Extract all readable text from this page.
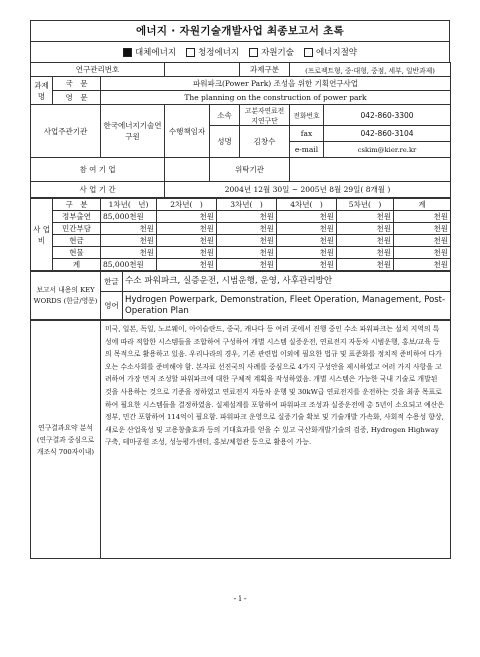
에너지 · 자원기술개발사업 최종보고서 초록
대체에너지	청정에너지	자원기술	에너지절약
연구관리번호					과제구분	(프로젝트형, 중·대형, 중점, 세부, 일반과제)	
과제명	국　문	파워파크(Power Park) 조성을 위한 기획연구사업					
	영　문	The planning on the construction of power park					
사업주관기관		한국에너지기술연구원	수행책임자	소속	고분자연료전지연구단	전화번호	042-860-3300
				성명	김창수	fax	042-860-3104
						e-mail	cskim@kier.re.kr
참 여 기 업				위탁기관			
사 업 기 간			2004년 12월 30일 ~ 2005년 8월 29일( 8개월 )				
사 업 비	구　분	1차년(　년)	2차년(　)	3차년(　)	4차년(　)	5차년(　)	계
	정부출연	85,000천원	천원	천원	천원	천원	천원
	민간부담	천원	천원	천원	천원	천원	천원
	현금	천원	천원	천원	천원	천원	천원
	현물	천원	천원	천원	천원	천원	천원
	계	85,000천원	천원	천원	천원	천원	천원
보고서 내용의 KEY WORDS (한글/영문)	한글	수소 파워파크, 실증운전, 시범운행, 운영, 사후관리방안
	영어	Hydrogen Powerpark, Demonstration, Fleet Operation, Management, Post-Operation Plan
연구결과요약 분석 (연구결과 중심으로 개조식 700자이내)	미국, 일본, 독일, 노르웨이, 아이슬란드, 중국, 캐나다 등 여러 곳에서 진행 중인 수소 파워파크는 설치 지역의 특성에 따라 적합한 시스템들을 조합하여 구성하여 개별 시스템 실증운전, 연료전지 자동차 시범운행, 홍보/교육 등의 목적으로 활용하고 있음. 우리나라의 경우, 기존 관련법 이외에 필요한 법규 및 표준화를 정치적 준비하여 다가오는 수소사회를 준비해야 함. 본자료 선진국의 사례를 중심으로 4가지 구성안을 제시하였고 여러 가지 사항을 고려하여 가장 먼저 조성할 파워파크에 대한 구체적 계획을 작성하였음. 개별 시스템은 가능한 국내 기술로 개발된 것을 사용하는 것으로 기준을 정하였고 연료전지 자동차 운행 및 30kW급 연료전지를 운전하는 것을 최종 목표로 하여 필요한 시스템들을 결정하였음. 실제설계를 포함하여 파워파크 조성과 실증운전에 총 5년이 소요되고 예산은 정부, 민간 포함하여 114억이 필요함. 파워파크 운영으로 실증기술 확보 및 기술개발 가속화, 사회적 수용성 향상, 새로운 산업육성 및 고용창출효과 등의 기대효과를 얻을 수 있고 국산화개발기술의 검증, Hydrogen Highway 구축, 테마공원 조성, 성능평가센터, 홍보/체험관 등으로 활용이 가능.
- i -
